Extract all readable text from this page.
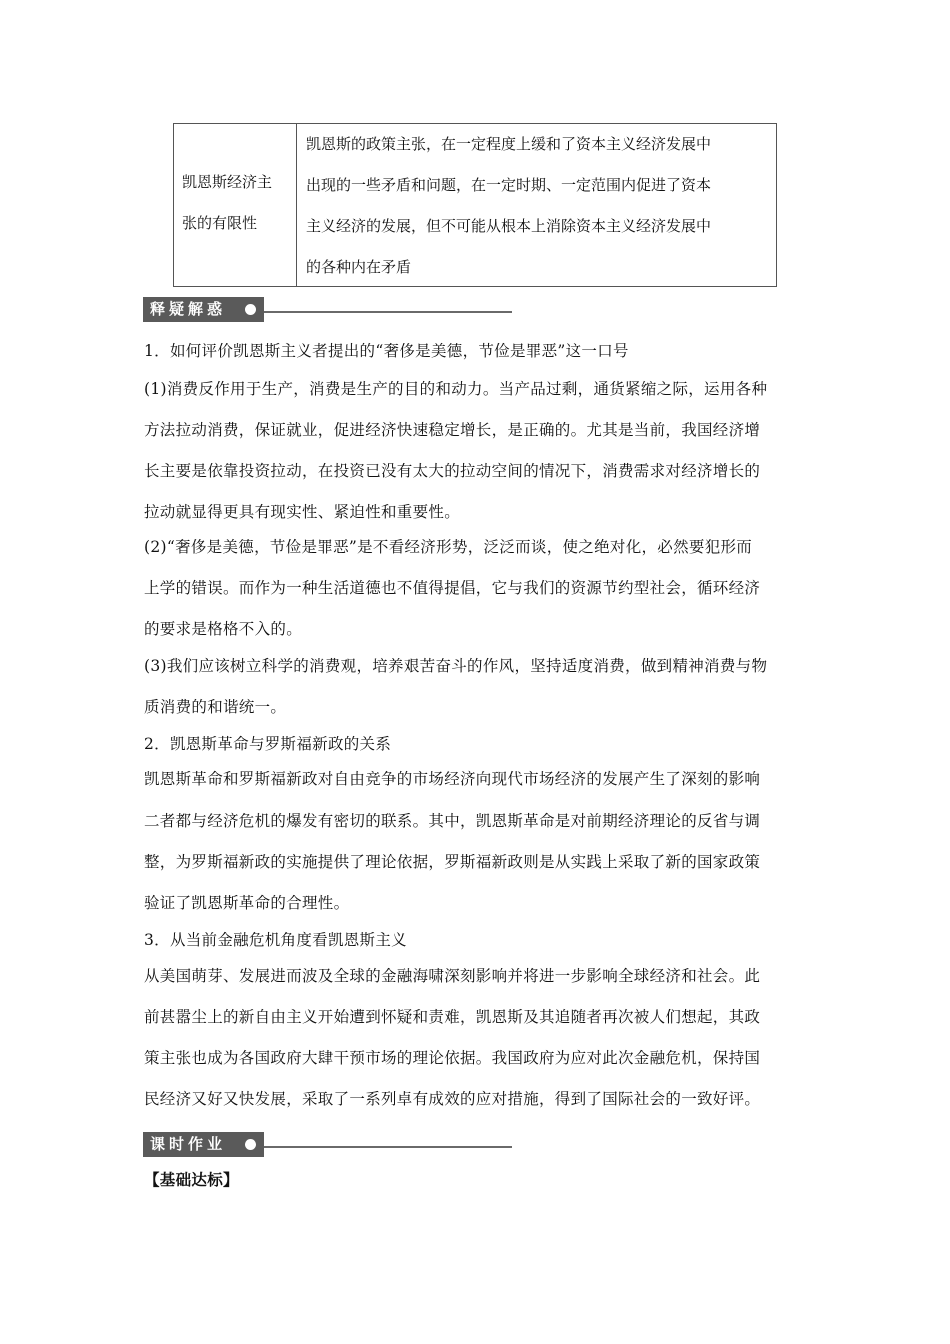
凯恩斯经济主
张的有限性
凯恩斯的政策主张，在一定程度上缓和了资本主义经济发展中
出现的一些矛盾和问题，在一定时期、一定范围内促进了资本
主义经济的发展，但不可能从根本上消除资本主义经济发展中
的各种内在矛盾
释疑解惑
1．如何评价凯恩斯主义者提出的“奢侈是美德，节俭是罪恶”这一口号
(1)消费反作用于生产，消费是生产的目的和动力。当产品过剩，通货紧缩之际，运用各种
方法拉动消费，保证就业，促进经济快速稳定增长，是正确的。尤其是当前，我国经济增
长主要是依靠投资拉动，在投资已没有太大的拉动空间的情况下，消费需求对经济增长的
拉动就显得更具有现实性、紧迫性和重要性。
(2)“奢侈是美德，节俭是罪恶”是不看经济形势，泛泛而谈，使之绝对化，必然要犯形而
上学的错误。而作为一种生活道德也不值得提倡，它与我们的资源节约型社会，循环经济
的要求是格格不入的。
(3)我们应该树立科学的消费观，培养艰苦奋斗的作风，坚持适度消费，做到精神消费与物
质消费的和谐统一。
2．凯恩斯革命与罗斯福新政的关系
凯恩斯革命和罗斯福新政对自由竞争的市场经济向现代市场经济的发展产生了深刻的影响
二者都与经济危机的爆发有密切的联系。其中，凯恩斯革命是对前期经济理论的反省与调
整，为罗斯福新政的实施提供了理论依据，罗斯福新政则是从实践上采取了新的国家政策
验证了凯恩斯革命的合理性。
3．从当前金融危机角度看凯恩斯主义
从美国萌芽、发展进而波及全球的金融海啸深刻影响并将进一步影响全球经济和社会。此
前甚嚣尘上的新自由主义开始遭到怀疑和责难，凯恩斯及其追随者再次被人们想起，其政
策主张也成为各国政府大肆干预市场的理论依据。我国政府为应对此次金融危机，保持国
民经济又好又快发展，采取了一系列卓有成效的应对措施，得到了国际社会的一致好评。
课时作业
【基础达标】
